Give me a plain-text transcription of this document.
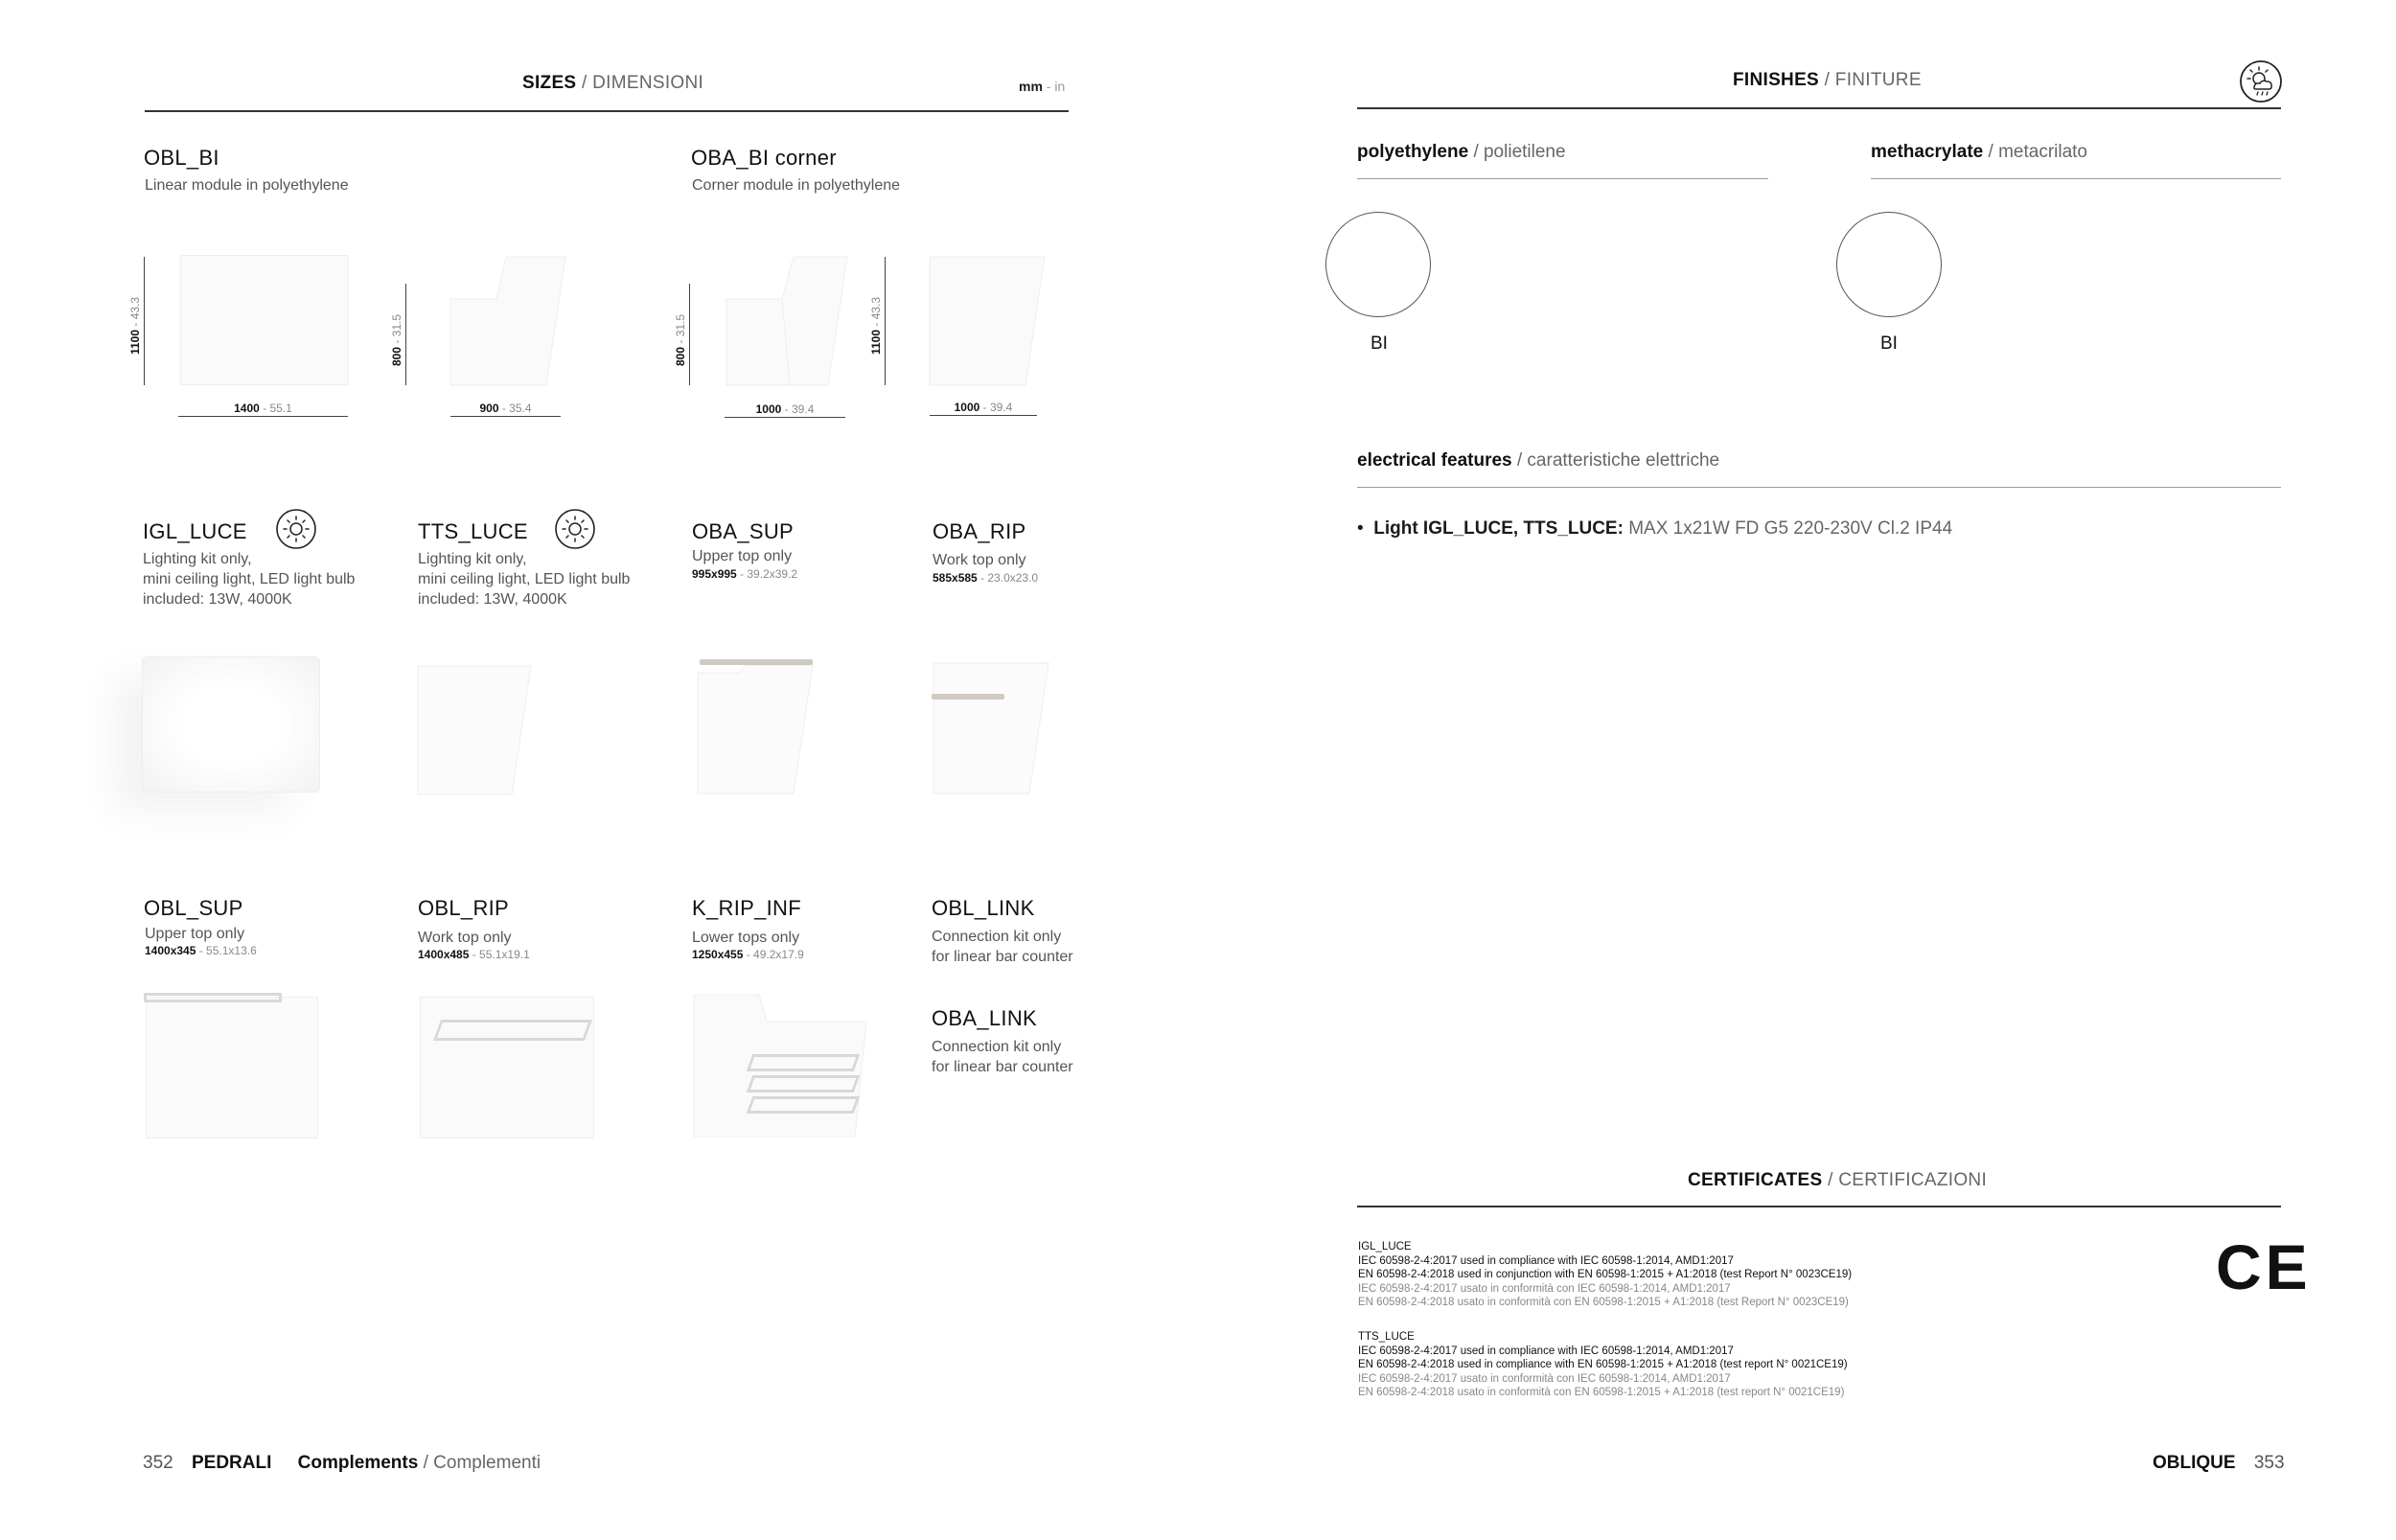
SIZES / DIMENSIONI	mm - in
OBL_BI
Linear module in polyethylene
OBA_BI corner
Corner module in polyethylene
1100 - 43.3
1400 - 55.1
800 - 31.5
900 - 35.4
800 - 31.5	1100 - 43.3
1000 - 39.4	1000 - 39.4
IGL_LUCE
Lighting kit only,
mini ceiling light, LED light bulb
included: 13W, 4000K
TTS_LUCE
Lighting kit only,
mini ceiling light, LED light bulb
included: 13W, 4000K
OBA_SUP
Upper top only
995x995 - 39.2x39.2
OBA_RIP
Work top only
585x585 - 23.0x23.0
OBL_SUP
Upper top only
1400x345 - 55.1x13.6
OBL_RIP
Work top only
1400x485 - 55.1x19.1
K_RIP_INF
Lower tops only
1250x455 - 49.2x17.9
OBL_LINK
Connection kit only
for linear bar counter
OBA_LINK
Connection kit only
for linear bar counter
352 PEDRALI Complements / Complementi
FINISHES / FINITURE
polyethylene / polietilene
BI
methacrylate / metacrilato
BI
electrical features / caratteristiche elettriche
•  Light IGL_LUCE, TTS_LUCE: MAX 1x21W FD G5 220-230V Cl.2 IP44
CERTIFICATES / CERTIFICAZIONI
IGL_LUCE
IEC 60598-2-4:2017 used in compliance with IEC 60598-1:2014, AMD1:2017
EN 60598-2-4:2018 used in conjunction with EN 60598-1:2015 + A1:2018 (test Report N° 0023CE19)
IEC 60598-2-4:2017 usato in conformità con IEC 60598-1:2014, AMD1:2017
EN 60598-2-4:2018 usato in conformità con EN 60598-1:2015 + A1:2018 (test Report N° 0023CE19)
TTS_LUCE
IEC 60598-2-4:2017 used in compliance with IEC 60598-1:2014, AMD1:2017
EN 60598-2-4:2018 used in compliance with EN 60598-1:2015 + A1:2018 (test report N° 0021CE19)
IEC 60598-2-4:2017 usato in conformità con IEC 60598-1:2014, AMD1:2017
EN 60598-2-4:2018 usato in conformità con EN 60598-1:2015 + A1:2018 (test report N° 0021CE19)
CE
OBLIQUE 353
